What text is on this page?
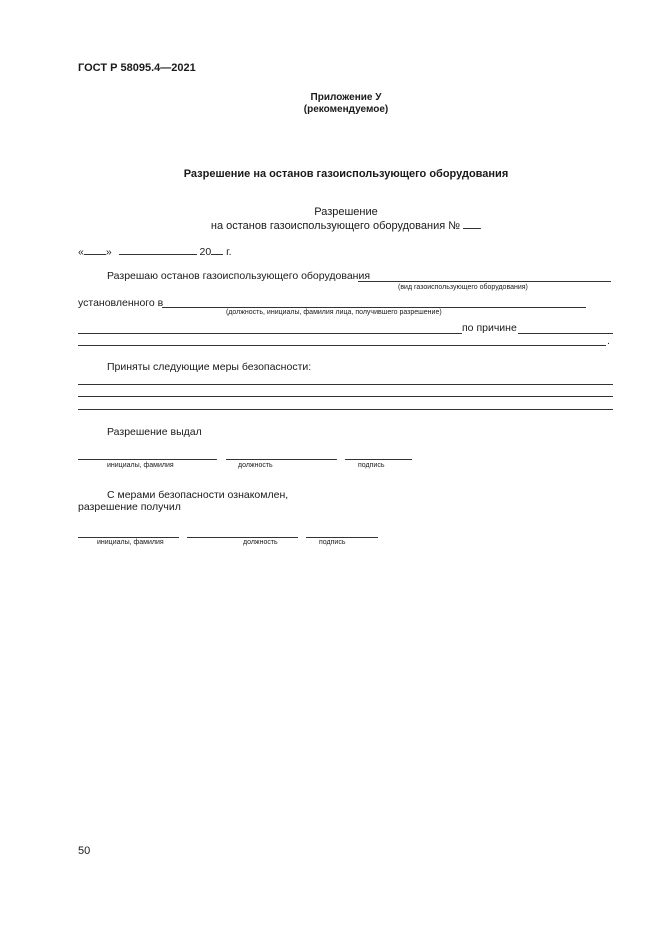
ГОСТ Р 58095.4—2021
Приложение У
(рекомендуемое)
Разрешение на останов газоиспользующего оборудования
Разрешение
на останов газоиспользующего оборудования №
« »	20 г.
Разрешаю останов газоиспользующего оборудования
(вид газоиспользующего оборудования)
установленного в
(должность, инициалы, фамилия лица, получившего разрешение)
по причине
.
Приняты следующие меры безопасности:
Разрешение выдал
инициалы, фамилия	должность	подпись
С мерами безопасности ознакомлен,
разрешение получил
инициалы, фамилия	должность	подпись
50
